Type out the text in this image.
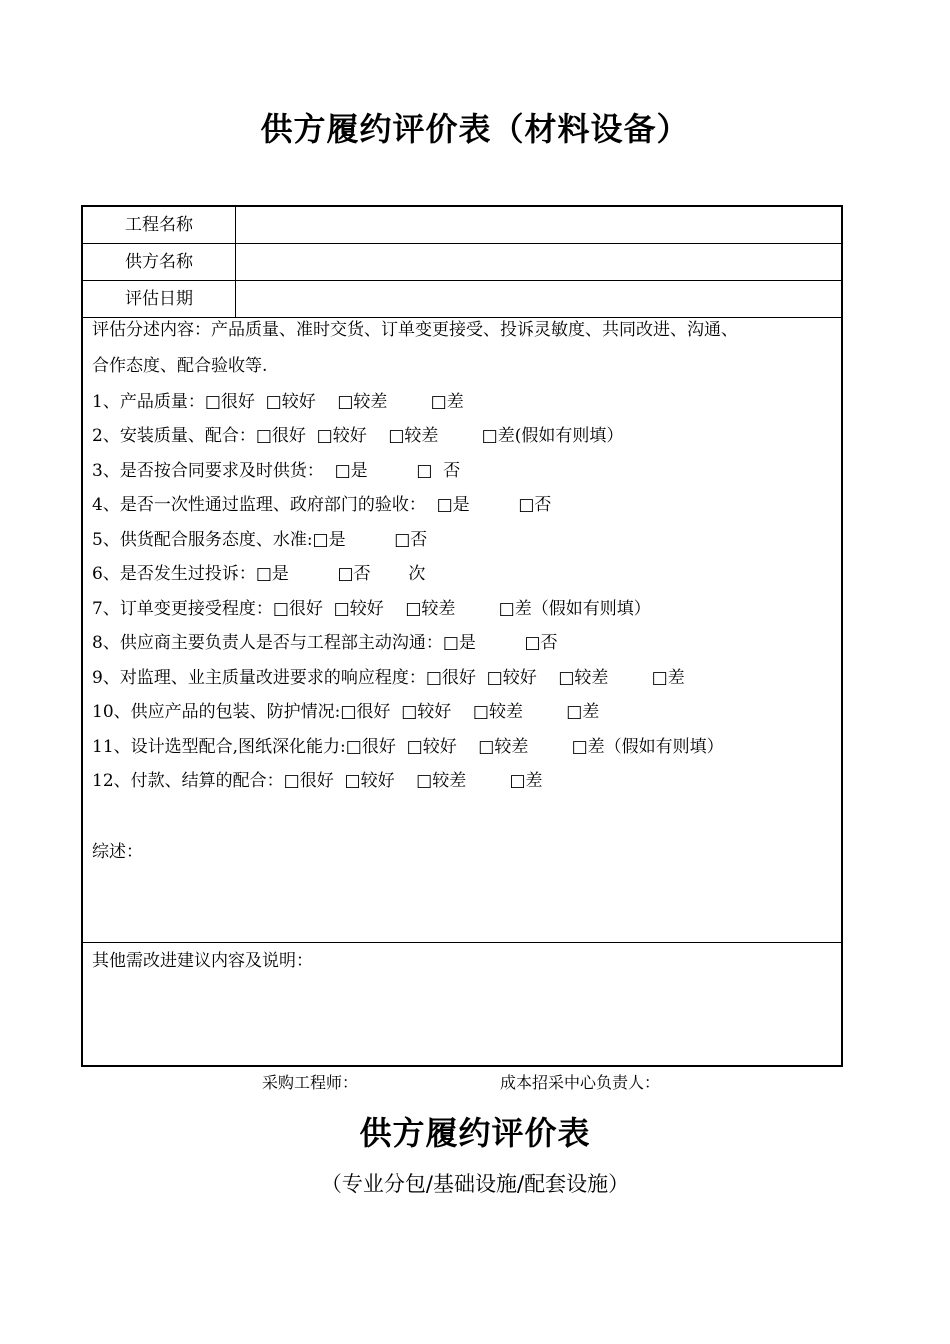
供方履约评价表（材料设备）
工程名称
供方名称
评估日期
评估分述内容：产品质量、准时交货、订单变更接受、投诉灵敏度、共同改进、沟通、
合作态度、配合验收等.
1、产品质量：□很好  □较好    □较差        □差
2、安装质量、配合：□很好  □较好    □较差        □差(假如有则填）
3、是否按合同要求及时供货：  □是         □  否
4、是否一次性通过监理、政府部门的验收：  □是         □否
5、供货配合服务态度、水准:□是         □否
6、是否发生过投诉：□是         □否       次
7、订单变更接受程度：□很好  □较好    □较差        □差（假如有则填）
8、供应商主要负责人是否与工程部主动沟通：□是         □否
9、对监理、业主质量改进要求的响应程度：□很好  □较好    □较差        □差
10、供应产品的包装、防护情况:□很好  □较好    □较差        □差
11、设计选型配合,图纸深化能力:□很好  □较好    □较差        □差（假如有则填）
12、付款、结算的配合：□很好  □较好    □较差        □差
综述：
其他需改进建议内容及说明：
采购工程师：	成本招采中心负责人：
供方履约评价表
（专业分包/基础设施/配套设施）
